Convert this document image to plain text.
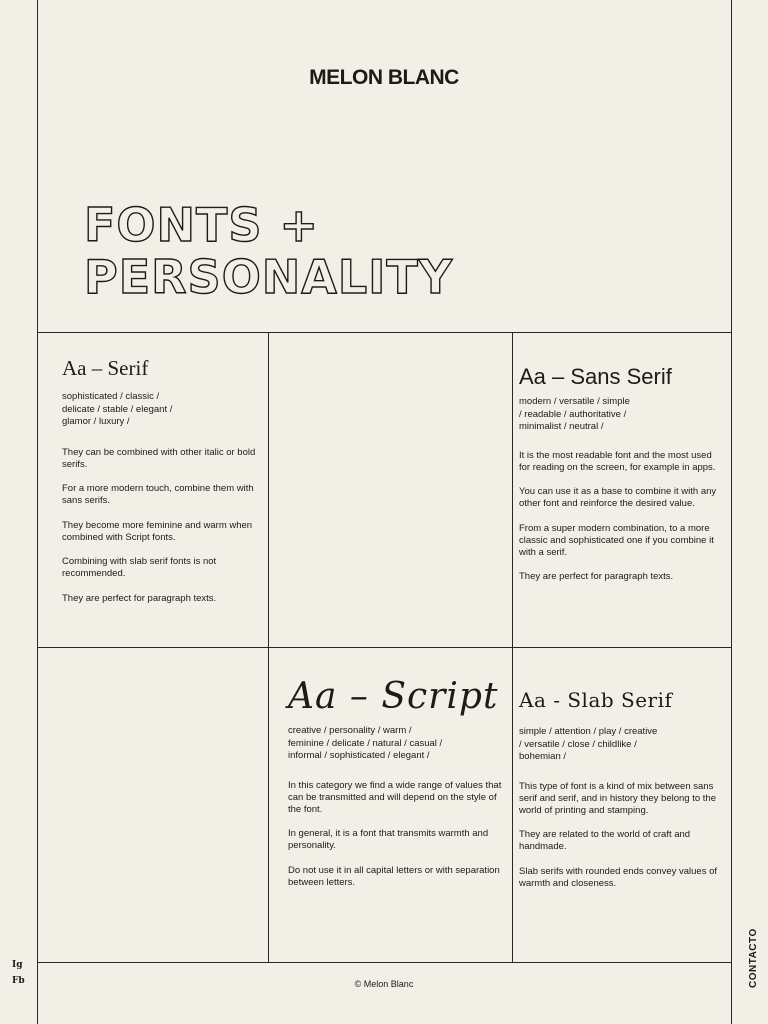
MELON BLANC
FONTS +
PERSONALITY
Aa – Serif
sophisticated / classic /
delicate / stable / elegant /
glamor / luxury /

They can be combined with other italic or bold serifs.

For a more modern touch, combine them with sans serifs.

They become more feminine and warm when combined with Script fonts.

Combining with slab serif fonts is not recommended.

They are perfect for paragraph texts.

Aa – Sans Serif
modern / versatile / simple
/ readable / authoritative /
minimalist / neutral /

It is the most readable font and the most used for reading on the screen, for example in apps.

You can use it as a base to combine it with any other font and reinforce the desired value.

From a super modern combination, to a more classic and sophisticated one if you combine it with a serif.

They are perfect for paragraph texts.

Aa – Script
creative / personality / warm /
feminine / delicate / natural / casual /
informal / sophisticated / elegant /

In this category we find a wide range of values that can be transmitted and will depend on the style of the font.

In general, it is a font that transmits warmth and personality.

Do not use it in all capital letters or with separation between letters.

Aa - Slab Serif
simple / attention / play / creative
/ versatile / close / childlike /
bohemian /

This type of font is a kind of mix between sans serif and serif, and in history they belong to the world of printing and stamping.

They are related to the world of craft and handmade.

Slab serifs with rounded ends convey values of warmth and closeness.

Ig
Fb	© Melon Blanc	CONTACTO
